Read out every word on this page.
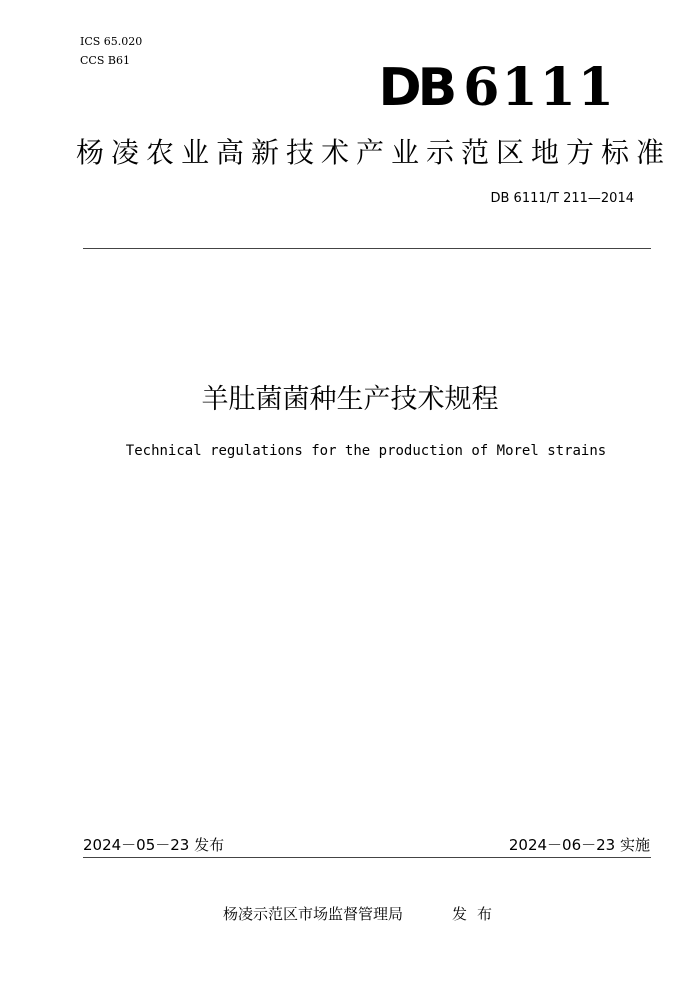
ICS 65.020
CCS B61	DB 6111
杨凌农业高新技术产业示范区地方标准
DB 6111/T 211—2014
羊肚菌菌种生产技术规程
Technical regulations for the production of Morel strains
2024－05－23 发布	2024－06－23 实施
杨凌示范区市场监督管理局	发布
